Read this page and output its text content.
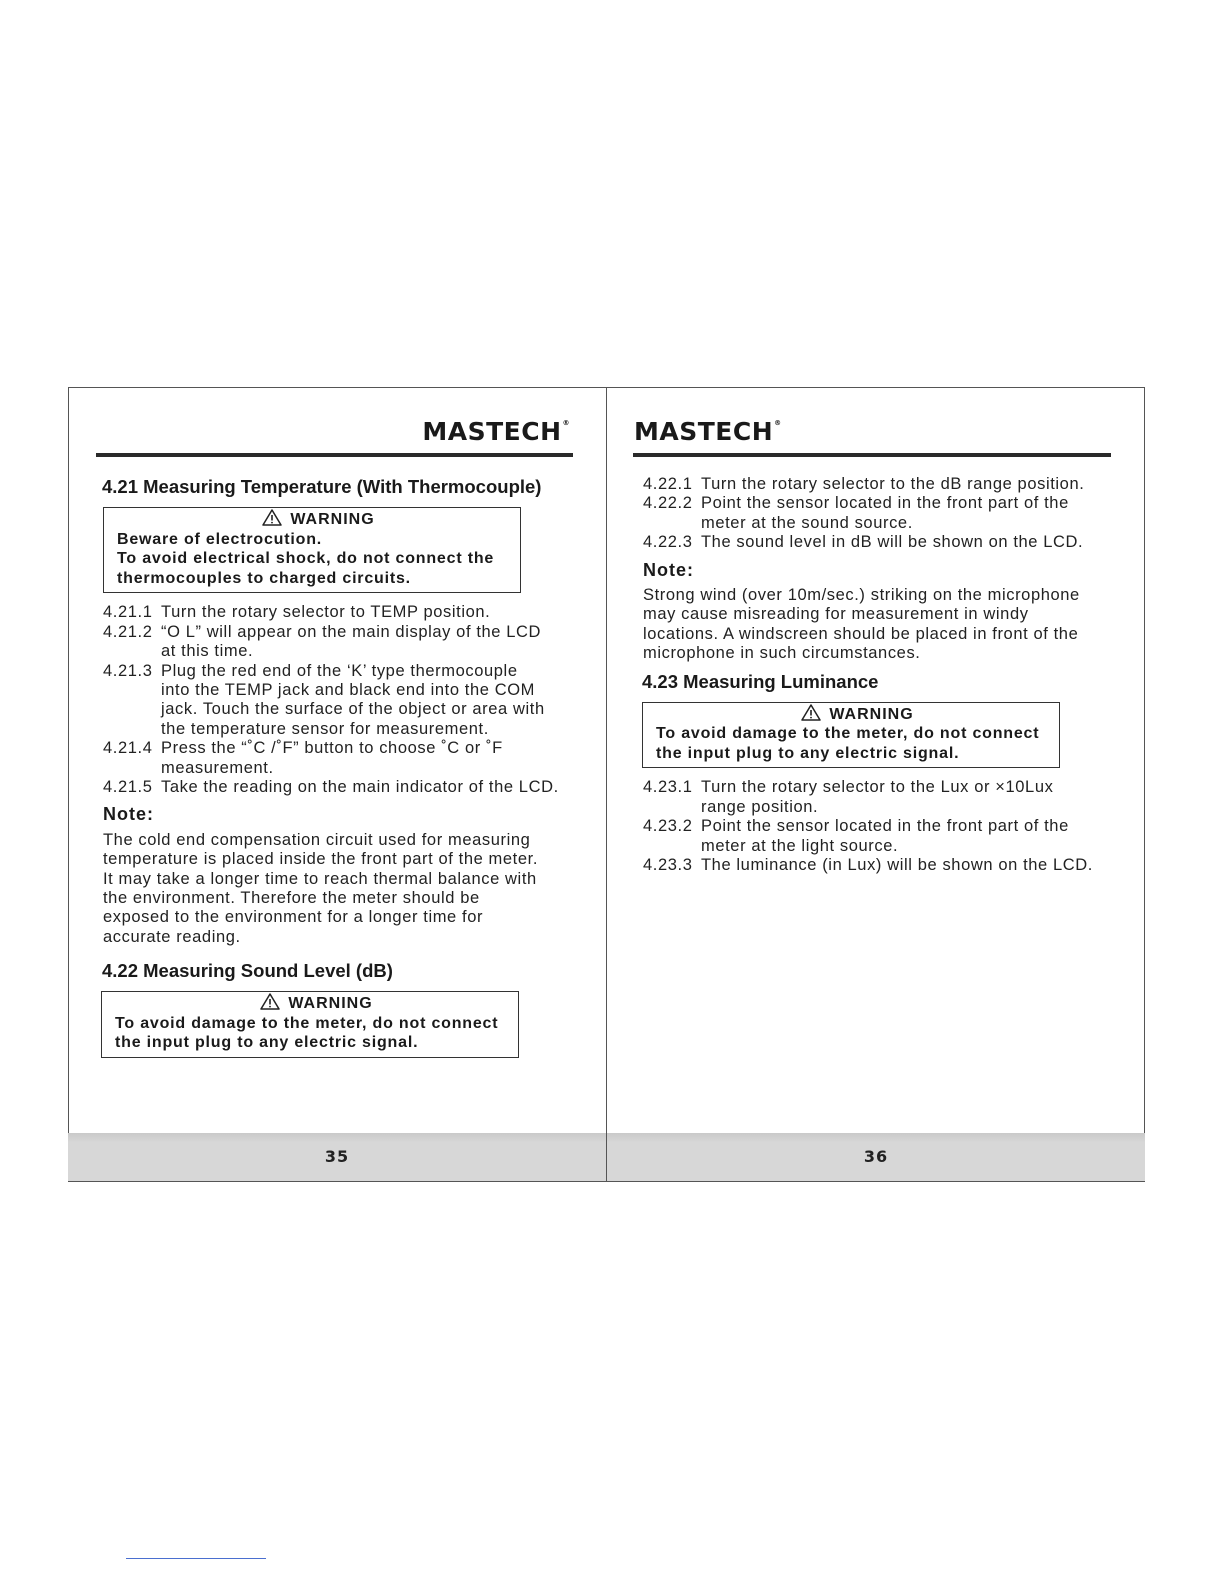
MASTECH®
4.21 Measuring Temperature (With Thermocouple)
WARNING
Beware of electrocution.
To avoid electrical shock, do not connect the
thermocouples to charged circuits.
4.21.1 Turn the rotary selector to TEMP position.
4.21.2 “O L” will appear on the main display of the LCD
at this time.
4.21.3 Plug the red end of the ‘K’ type thermocouple
into the TEMP jack and black end into the COM
jack. Touch the surface of the object or area with
the temperature sensor for measurement.
4.21.4 Press the “˚C /˚F” button to choose ˚C or ˚F
measurement.
4.21.5 Take the reading on the main indicator of the LCD.
Note:

The cold end compensation circuit used for measuring
temperature is placed inside the front part of the meter.
It may take a longer time to reach thermal balance with
the environment. Therefore the meter should be
exposed to the environment for a longer time for
accurate reading.

4.22 Measuring Sound Level (dB)
WARNING
To avoid damage to the meter, do not connect
the input plug to any electric signal.
35
MASTECH®
4.22.1 Turn the rotary selector to the dB range position.
4.22.2 Point the sensor located in the front part of the
meter at the sound source.
4.22.3 The sound level in dB will be shown on the LCD.
Note:

Strong wind (over 10m/sec.) striking on the microphone
may cause misreading for measurement in windy
locations. A windscreen should be placed in front of the
microphone in such circumstances.

4.23 Measuring Luminance
WARNING
To avoid damage to the meter, do not connect
the input plug to any electric signal.
4.23.1 Turn the rotary selector to the Lux or ×10Lux
range position.
4.23.2 Point the sensor located in the front part of the
meter at the light source.
4.23.3 The luminance (in Lux) will be shown on the LCD.
36
